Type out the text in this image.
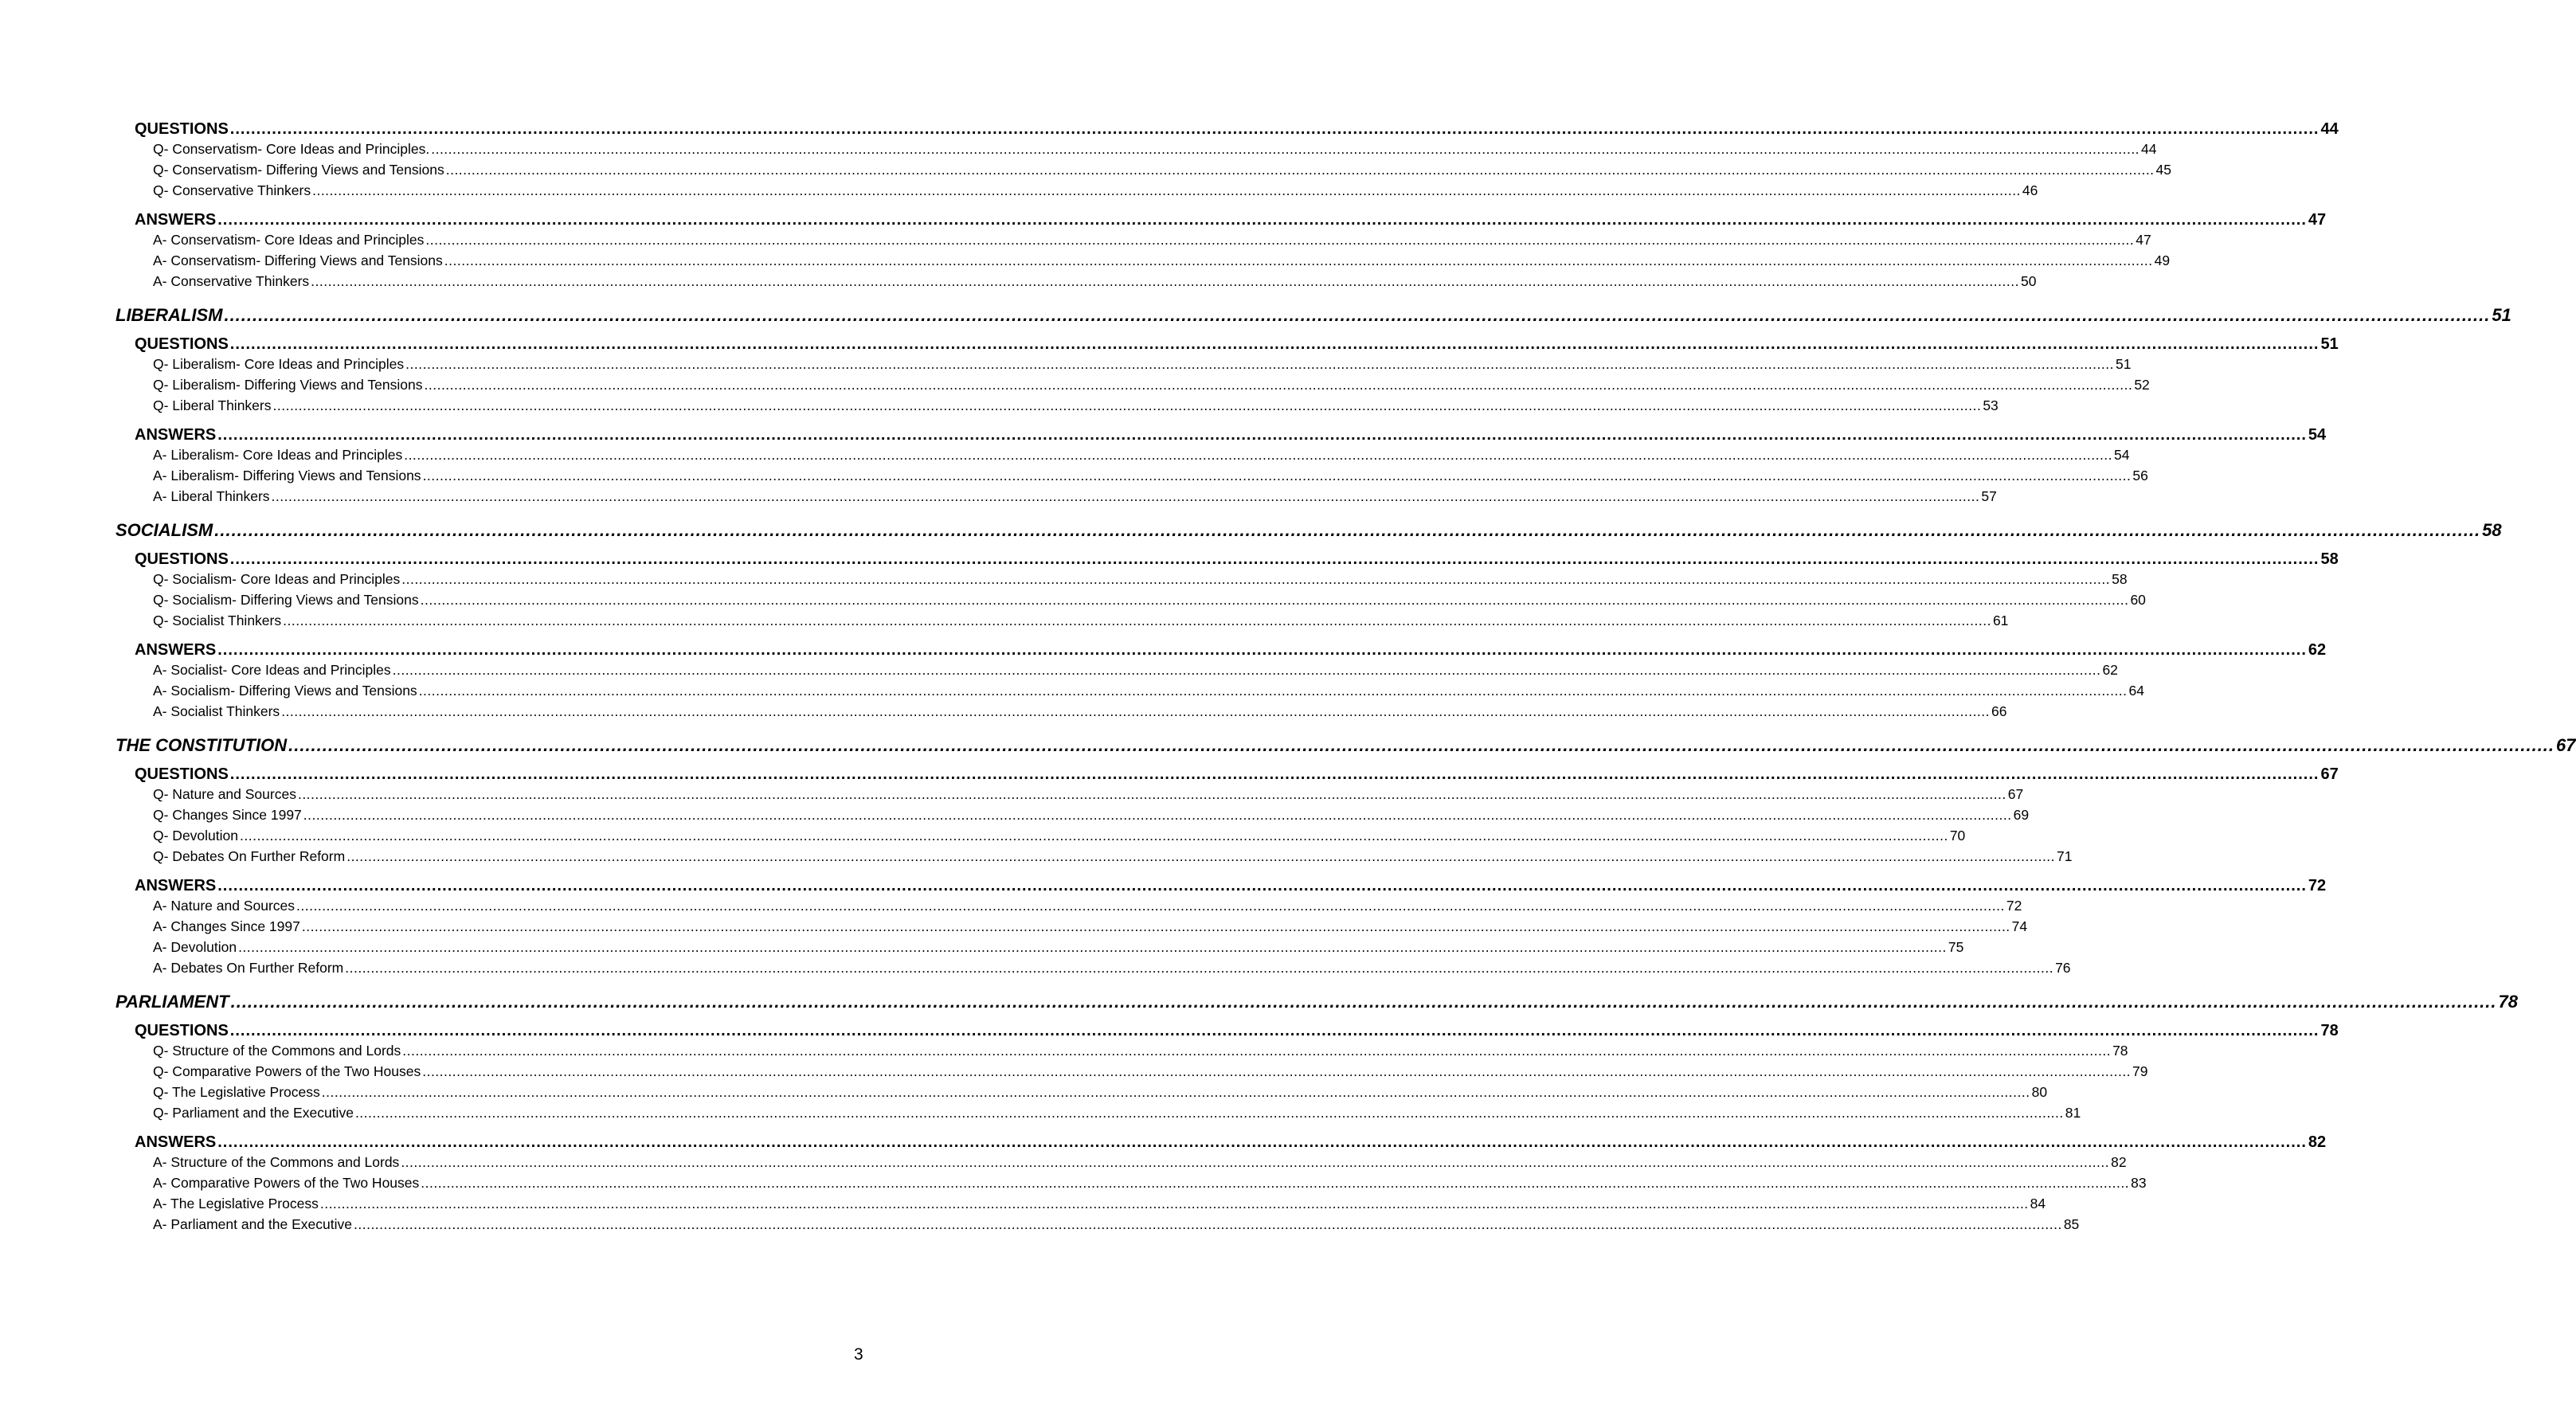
QUESTIONS ................................................................................................................................................................................................................................................................................................................................................................................................................ 44
Q- Conservatism- Core Ideas and Principles. ................................................................................................................................................................................................................................................................................................................................................................................................................ 44
Q- Conservatism- Differing Views and Tensions ................................................................................................................................................................................................................................................................................................................................................................................................................ 45
Q- Conservative Thinkers ................................................................................................................................................................................................................................................................................................................................................................................................................ 46
ANSWERS ................................................................................................................................................................................................................................................................................................................................................................................................................ 47
A- Conservatism- Core Ideas and Principles ................................................................................................................................................................................................................................................................................................................................................................................................................ 47
A- Conservatism- Differing Views and Tensions ................................................................................................................................................................................................................................................................................................................................................................................................................ 49
A- Conservative Thinkers ................................................................................................................................................................................................................................................................................................................................................................................................................ 50
LIBERALISM ................................................................................................................................................................................................................................................................................................................................................................................................................ 51
QUESTIONS ................................................................................................................................................................................................................................................................................................................................................................................................................ 51
Q- Liberalism- Core Ideas and Principles ................................................................................................................................................................................................................................................................................................................................................................................................................ 51
Q- Liberalism- Differing Views and Tensions ................................................................................................................................................................................................................................................................................................................................................................................................................ 52
Q- Liberal Thinkers ................................................................................................................................................................................................................................................................................................................................................................................................................ 53
ANSWERS ................................................................................................................................................................................................................................................................................................................................................................................................................ 54
A- Liberalism- Core Ideas and Principles ................................................................................................................................................................................................................................................................................................................................................................................................................ 54
A- Liberalism- Differing Views and Tensions ................................................................................................................................................................................................................................................................................................................................................................................................................ 56
A- Liberal Thinkers ................................................................................................................................................................................................................................................................................................................................................................................................................ 57
SOCIALISM ................................................................................................................................................................................................................................................................................................................................................................................................................ 58
QUESTIONS ................................................................................................................................................................................................................................................................................................................................................................................................................ 58
Q- Socialism- Core Ideas and Principles ................................................................................................................................................................................................................................................................................................................................................................................................................ 58
Q- Socialism- Differing Views and Tensions ................................................................................................................................................................................................................................................................................................................................................................................................................ 60
Q- Socialist Thinkers ................................................................................................................................................................................................................................................................................................................................................................................................................ 61
ANSWERS ................................................................................................................................................................................................................................................................................................................................................................................................................ 62
A- Socialist- Core Ideas and Principles ................................................................................................................................................................................................................................................................................................................................................................................................................ 62
A- Socialism- Differing Views and Tensions ................................................................................................................................................................................................................................................................................................................................................................................................................ 64
A- Socialist Thinkers ................................................................................................................................................................................................................................................................................................................................................................................................................ 66
THE CONSTITUTION ................................................................................................................................................................................................................................................................................................................................................................................................................ 67
QUESTIONS ................................................................................................................................................................................................................................................................................................................................................................................................................ 67
Q- Nature and Sources ................................................................................................................................................................................................................................................................................................................................................................................................................ 67
Q- Changes Since 1997 ................................................................................................................................................................................................................................................................................................................................................................................................................ 69
Q- Devolution ................................................................................................................................................................................................................................................................................................................................................................................................................ 70
Q- Debates On Further Reform ................................................................................................................................................................................................................................................................................................................................................................................................................ 71
ANSWERS ................................................................................................................................................................................................................................................................................................................................................................................................................ 72
A- Nature and Sources ................................................................................................................................................................................................................................................................................................................................................................................................................ 72
A- Changes Since 1997 ................................................................................................................................................................................................................................................................................................................................................................................................................ 74
A- Devolution ................................................................................................................................................................................................................................................................................................................................................................................................................ 75
A- Debates On Further Reform ................................................................................................................................................................................................................................................................................................................................................................................................................ 76
PARLIAMENT ................................................................................................................................................................................................................................................................................................................................................................................................................ 78
QUESTIONS ................................................................................................................................................................................................................................................................................................................................................................................................................ 78
Q- Structure of the Commons and Lords ................................................................................................................................................................................................................................................................................................................................................................................................................ 78
Q- Comparative Powers of the Two Houses ................................................................................................................................................................................................................................................................................................................................................................................................................ 79
Q- The Legislative Process ................................................................................................................................................................................................................................................................................................................................................................................................................ 80
Q- Parliament and the Executive ................................................................................................................................................................................................................................................................................................................................................................................................................ 81
ANSWERS ................................................................................................................................................................................................................................................................................................................................................................................................................ 82
A- Structure of the Commons and Lords ................................................................................................................................................................................................................................................................................................................................................................................................................ 82
A- Comparative Powers of the Two Houses ................................................................................................................................................................................................................................................................................................................................................................................................................ 83
A- The Legislative Process ................................................................................................................................................................................................................................................................................................................................................................................................................ 84
A- Parliament and the Executive ................................................................................................................................................................................................................................................................................................................................................................................................................ 85
3
